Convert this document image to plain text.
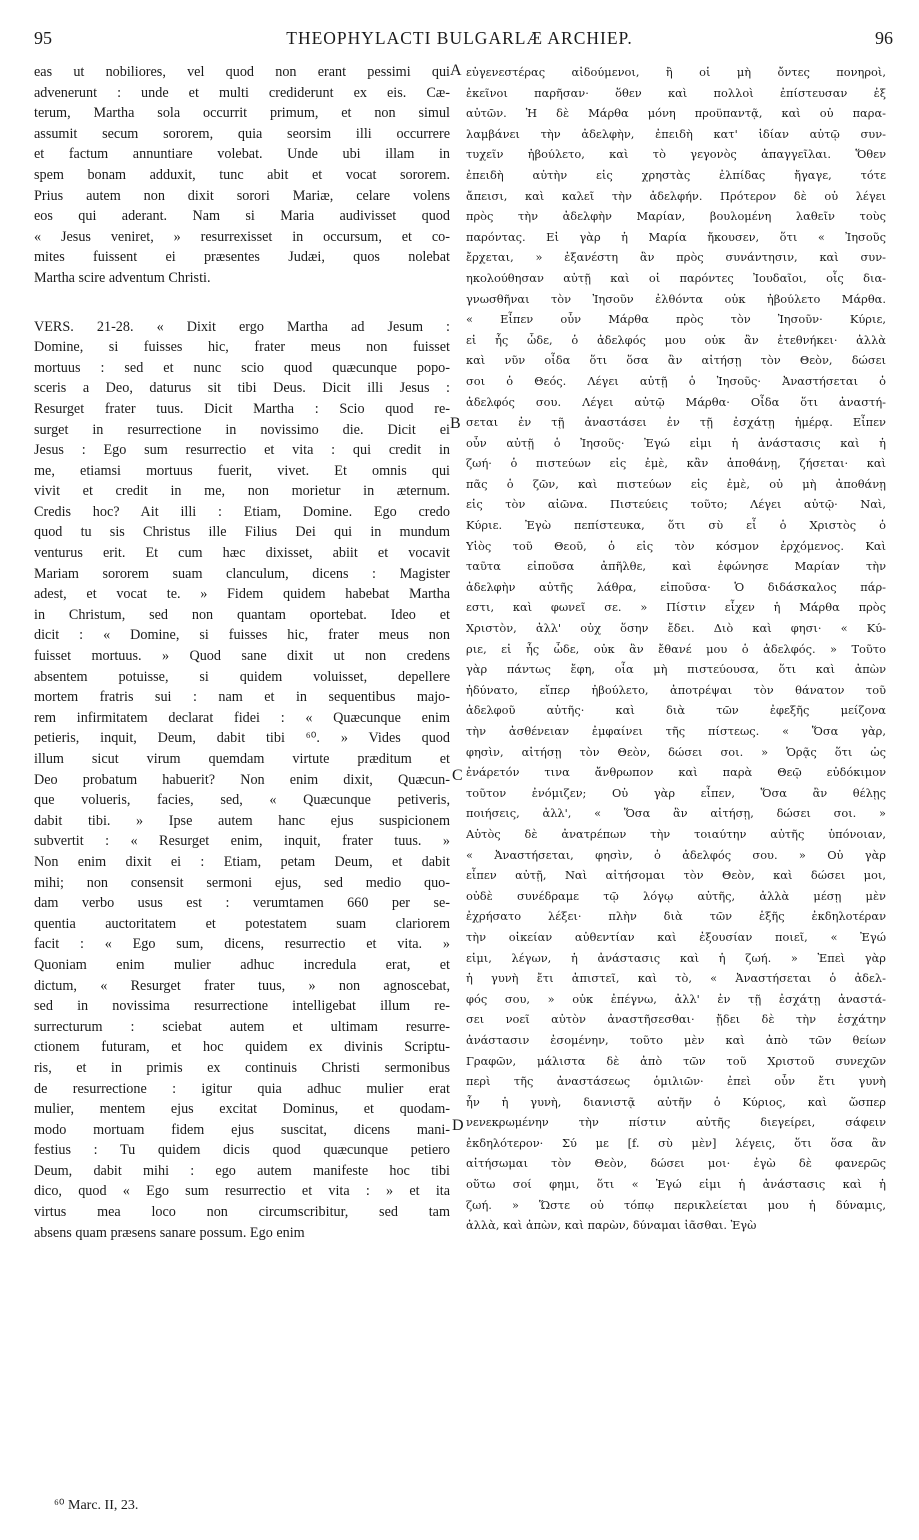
95	THEOPHYLACTI BULGARLÆ ARCHIEP.	96
eas ut nobiliores, vel quod non erant pessimi qui
advenerunt : unde et multi crediderunt ex eis. Cæ-
terum, Martha sola occurrit primum, et non simul
assumit secum sororem, quia seorsim illi occurrere
et factum annuntiare volebat. Unde ubi illam in
spem bonam adduxit, tunc abit et vocat sororem.
Prius autem non dixit sorori Mariæ, celare volens
eos qui aderant. Nam si Maria audivisset quod
« Jesus veniret, » resurrexisset in occursum, et co-
mites fuissent ei præsentes Judæi, quos nolebat
Martha scire adventum Christi.
VERS. 21-28. « Dixit ergo Martha ad Jesum :
Domine, si fuisses hic, frater meus non fuisset
mortuus : sed et nunc scio quod quæcunque popo-
sceris a Deo, daturus sit tibi Deus. Dicit illi Jesus :
Resurget frater tuus. Dicit Martha : Scio quod re-
surget in resurrectione in novissimo die. Dicit ei
Jesus : Ego sum resurrectio et vita : qui credit in
me, etiamsi mortuus fuerit, vivet. Et omnis qui
vivit et credit in me, non morietur in æternum.
Credis hoc? Ait illi : Etiam, Domine. Ego credo
quod tu sis Christus ille Filius Dei qui in mundum
venturus erit. Et cum hæc dixisset, abiit et vocavit
Mariam sororem suam clanculum, dicens : Magister
adest, et vocat te. » Fidem quidem habebat Martha
in Christum, sed non quantam oportebat. Ideo et
dicit : « Domine, si fuisses hic, frater meus non
fuisset mortuus. » Quod sane dixit ut non credens
absentem potuisse, si quidem voluisset, depellere
mortem fratris sui : nam et in sequentibus majo-
rem infirmitatem declarat fidei : « Quæcunque enim
petieris, inquit, Deum, dabit tibi ⁶⁰. » Vides quod
illum sicut virum quemdam virtute præditum et
Deo probatum habuerit? Non enim dixit, Quæcun-
que volueris, facies, sed, « Quæcunque petiveris,
dabit tibi. » Ipse autem hanc ejus suspicionem
subvertit : « Resurget enim, inquit, frater tuus. »
Non enim dixit ei : Etiam, petam Deum, et dabit
mihi; non consensit sermoni ejus, sed medio quo-
dam verbo usus est : verumtamen 660 per se-
quentia auctoritatem et potestatem suam clariorem
facit : « Ego sum, dicens, resurrectio et vita. »
Quoniam enim mulier adhuc incredula erat, et
dictum, « Resurget frater tuus, » non agnoscebat,
sed in novissima resurrectione intelligebat illum re-
surrecturum : sciebat autem et ultimam resurre-
ctionem futuram, et hoc quidem ex divinis Scriptu-
ris, et in primis ex continuis Christi sermonibus
de resurrectione : igitur quia adhuc mulier erat
mulier, mentem ejus excitat Dominus, et quodam-
modo mortuam fidem ejus suscitat, dicens mani-
festius : Tu quidem dicis quod quæcunque petiero
Deum, dabit mihi : ego autem manifeste hoc tibi
dico, quod « Ego sum resurrectio et vita : » et ita
virtus mea loco non circumscribitur, sed tam
absens quam præsens sanare possum. Ego enim
εὐγενεστέρας αἰδούμενοι, ἢ οἱ μὴ ὄντες πονηροὶ,
ἐκεῖνοι παρῆσαν· ὅθεν καὶ πολλοὶ ἐπίστευσαν ἐξ
αὐτῶν. Ἡ δὲ Μάρθα μόνη προϋπαντᾷ, καὶ οὐ παρα-
λαμβάνει τὴν ἀδελφὴν, ἐπειδὴ κατ' ἰδίαν αὐτῷ συν-
τυχεῖν ἠβούλετο, καὶ τὸ γεγονὸς ἀπαγγεῖλαι. Ὅθεν
ἐπειδὴ αὐτὴν εἰς χρηστὰς ἐλπίδας ἤγαγε, τότε
ἄπεισι, καὶ καλεῖ τὴν ἀδελφήν. Πρότερον δὲ οὐ λέγει
πρὸς τὴν ἀδελφὴν Μαρίαν, βουλομένη λαθεῖν τοὺς
παρόντας. Εἰ γὰρ ἡ Μαρία ἤκουσεν, ὅτι « Ἰησοῦς
ἔρχεται, » ἐξανέστη ἂν πρὸς συνάντησιν, καὶ συν-
ηκολούθησαν αὐτῇ καὶ οἱ παρόντες Ἰουδαῖοι, οἷς δια-
γνωσθῆναι τὸν Ἰησοῦν ἐλθόντα οὐκ ἠβούλετο Μάρθα.
« Εἶπεν οὖν Μάρθα πρὸς τὸν Ἰησοῦν· Κύριε,
εἰ ἦς ὧδε, ὁ ἀδελφός μου οὐκ ἂν ἐτεθνήκει· ἀλλὰ
καὶ νῦν οἶδα ὅτι ὅσα ἂν αἰτήσῃ τὸν Θεὸν, δώσει
σοι ὁ Θεός. Λέγει αὐτῇ ὁ Ἰησοῦς· Ἀναστήσεται ὁ
ἀδελφός σου. Λέγει αὐτῷ Μάρθα· Οἶδα ὅτι ἀναστή-
σεται ἐν τῇ ἀναστάσει ἐν τῇ ἐσχάτῃ ἡμέρᾳ. Εἶπεν
οὖν αὐτῇ ὁ Ἰησοῦς· Ἐγώ εἰμι ἡ ἀνάστασις καὶ ἡ
ζωή· ὁ πιστεύων εἰς ἐμὲ, κἂν ἀποθάνῃ, ζήσεται· καὶ
πᾶς ὁ ζῶν, καὶ πιστεύων εἰς ἐμὲ, οὐ μὴ ἀποθάνῃ
εἰς τὸν αἰῶνα. Πιστεύεις τοῦτο; Λέγει αὐτῷ· Ναὶ,
Κύριε. Ἐγὼ πεπίστευκα, ὅτι σὺ εἶ ὁ Χριστὸς ὁ
Υἱὸς τοῦ Θεοῦ, ὁ εἰς τὸν κόσμον ἐρχόμενος. Καὶ
ταῦτα εἰποῦσα ἀπῆλθε, καὶ ἐφώνησε Μαρίαν τὴν
ἀδελφὴν αὐτῆς λάθρα, εἰποῦσα· Ὁ διδάσκαλος πάρ-
εστι, καὶ φωνεῖ σε. » Πίστιν εἶχεν ἡ Μάρθα πρὸς
Χριστὸν, ἀλλ' οὐχ ὅσην ἔδει. Διὸ καὶ φησι· « Κύ-
ριε, εἰ ἦς ὧδε, οὐκ ἂν ἔθανέ μου ὁ ἀδελφός. » Τοῦτο
γὰρ πάντως ἔφη, οἷα μὴ πιστεύουσα, ὅτι καὶ ἀπὼν
ἠδύνατο, εἴπερ ἠβούλετο, ἀποτρέψαι τὸν θάνατον τοῦ
ἀδελφοῦ αὐτῆς· καὶ διὰ τῶν ἐφεξῆς μείζονα
τὴν ἀσθένειαν ἐμφαίνει τῆς πίστεως. « Ὅσα γὰρ,
φησὶν, αἰτήσῃ τὸν Θεὸν, δώσει σοι. » Ὁρᾷς ὅτι ὡς
ἐνάρετόν τινα ἄνθρωπον καὶ παρὰ Θεῷ εὐδόκιμον
τοῦτον ἐνόμιζεν; Οὐ γὰρ εἶπεν, Ὅσα ἂν θέλῃς
ποιήσεις, ἀλλ', « Ὅσα ἂν αἰτήσῃ, δώσει σοι. »
Αὐτὸς δὲ ἀνατρέπων τὴν τοιαύτην αὐτῆς ὑπόνοιαν,
« Ἀναστήσεται, φησὶν, ὁ ἀδελφός σου. » Οὐ γὰρ
εἶπεν αὐτῇ, Ναὶ αἰτήσομαι τὸν Θεὸν, καὶ δώσει μοι,
οὐδὲ συνέδραμε τῷ λόγῳ αὐτῆς, ἀλλὰ μέσῃ μὲν
ἐχρήσατο λέξει· πλὴν διὰ τῶν ἑξῆς ἐκδηλοτέραν
τὴν οἰκείαν αὐθεντίαν καὶ ἐξουσίαν ποιεῖ, « Ἐγώ
εἰμι, λέγων, ἡ ἀνάστασις καὶ ἡ ζωή. » Ἐπεὶ γὰρ
ἡ γυνὴ ἔτι ἀπιστεῖ, καὶ τὸ, « Ἀναστήσεται ὁ ἀδελ-
φός σου, » οὐκ ἐπέγνω, ἀλλ' ἐν τῇ ἐσχάτῃ ἀναστά-
σει νοεῖ αὐτὸν ἀναστῆσεσθαι· ᾔδει δὲ τὴν ἐσχάτην
ἀνάστασιν ἐσομένην, τοῦτο μὲν καὶ ἀπὸ τῶν θείων
Γραφῶν, μάλιστα δὲ ἀπὸ τῶν τοῦ Χριστοῦ συνεχῶν
περὶ τῆς ἀναστάσεως ὁμιλιῶν· ἐπεὶ οὖν ἔτι γυνὴ
ἦν ἡ γυνὴ, διανιστᾷ αὐτῆν ὁ Κύριος, καὶ ὥσπερ
νενεκρωμένην τὴν πίστιν αὐτῆς διεγείρει, σάφειν
ἐκδηλότερον· Σύ με [f. σὺ μὲν] λέγεις, ὅτι ὅσα ἂν
αἰτήσωμαι τὸν Θεὸν, δώσει μοι· ἐγὼ δὲ φανερῶς
οὕτω σοί φημι, ὅτι « Ἐγώ εἰμι ἡ ἀνάστασις καὶ ἡ
ζωή. » Ὥστε οὐ τόπῳ περικλείεται μου ἡ δύναμις,
ἀλλὰ, καὶ ἀπὼν, καὶ παρὼν, δύναμαι ἰᾶσθαι. Ἐγὼ
A
B
C
D
⁶⁰ Marc. II, 23.
